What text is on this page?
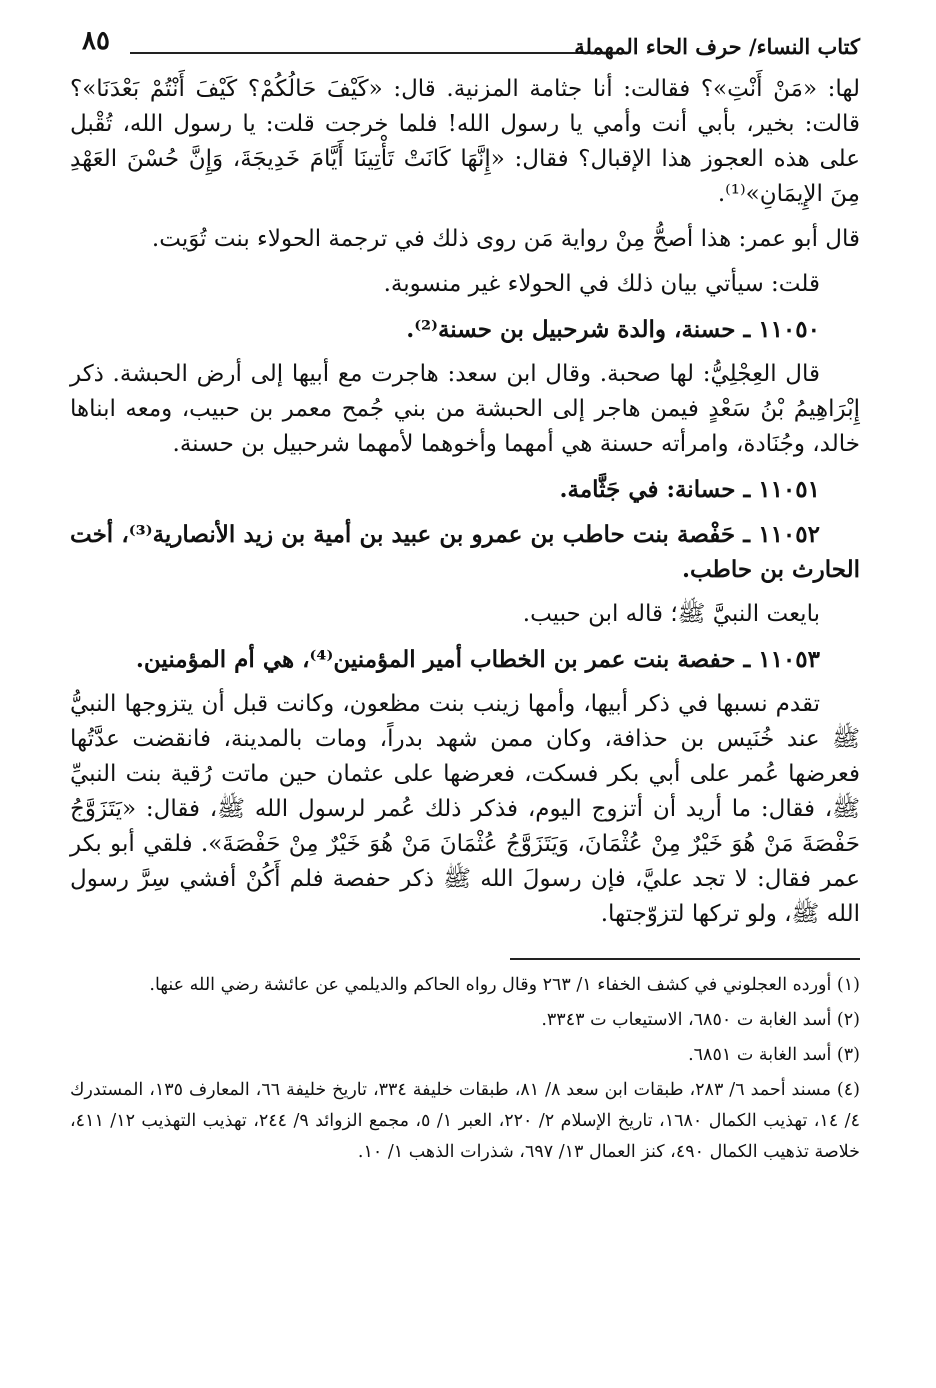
٨٥	كتاب النساء/ حرف الحاء المهملة

لها: «مَنْ أَنْتِ»؟ فقالت: أنا جثامة المزنية. قال: «كَيْفَ حَالُكُمْ؟ كَيْفَ أَنْتُمْ بَعْدَنَا»؟ قالت: بخير، بأبي أنت وأمي يا رسول الله! فلما خرجت قلت: يا رسول الله، تُقْبل على هذه العجوز هذا الإقبال؟ فقال: «إِنَّهَا كَانَتْ تَأْتِينَا أَيَّامَ خَدِيجَةَ، وَإِنَّ حُسْنَ العَهْدِ مِنَ الإِيمَانِ»⁽¹⁾.

قال أبو عمر: هذا أصحُّ مِنْ رواية مَن روى ذلك في ترجمة الحولاء بنت تُوَيت.

قلت: سيأتي بيان ذلك في الحولاء غير منسوبة.

١١٠٥٠ ـ حسنة، والدة شرحبيل بن حسنة⁽²⁾.

قال العِجْلِيُّ: لها صحبة. وقال ابن سعد: هاجرت مع أبيها إلى أرض الحبشة. ذكر إِبْرَاهِيمُ بْنُ سَعْدٍ فيمن هاجر إلى الحبشة من بني جُمح معمر بن حبيب، ومعه ابناها خالد، وجُنَادة، وامرأته حسنة هي أمهما وأخوهما لأمهما شرحبيل بن حسنة.

١١٠٥١ ـ حسانة: في جَثَّامة.

١١٠٥٢ ـ حَفْصة بنت حاطب بن عمرو بن عبيد بن أمية بن زيد الأنصارية⁽³⁾، أخت الحارث بن حاطب.

بايعت النبيَّ ﷺ؛ قاله ابن حبيب.

١١٠٥٣ ـ حفصة بنت عمر بن الخطاب أمير المؤمنين⁽⁴⁾، هي أم المؤمنين.

تقدم نسبها في ذكر أبيها، وأمها زينب بنت مظعون، وكانت قبل أن يتزوجها النبيُّ ﷺ عند خُنَيس بن حذافة، وكان ممن شهد بدراً، ومات بالمدينة، فانقضت عدَّتُها فعرضها عُمر على أبي بكر فسكت، فعرضها على عثمان حين ماتت رُقية بنت النبيِّ ﷺ، فقال: ما أريد أن أتزوج اليوم، فذكر ذلك عُمر لرسول الله ﷺ، فقال: «يَتَزَوَّجُ حَفْصَةَ مَنْ هُوَ خَيْرٌ مِنْ عُثْمَانَ، وَيَتَزَوَّجُ عُثْمَانَ مَنْ هُوَ خَيْرٌ مِنْ حَفْصَةَ». فلقي أبو بكر عمر فقال: لا تجد عليَّ، فإن رسولَ الله ﷺ ذكر حفصة فلم أَكُنْ أفشي سِرَّ رسول الله ﷺ، ولو تركها لتزوّجتها.

(١) أورده العجلوني في كشف الخفاء ١/ ٢٦٣ وقال رواه الحاكم والديلمي عن عائشة رضي الله عنها.

(٢) أسد الغابة ت ٦٨٥٠، الاستيعاب ت ٣٣٤٣.

(٣) أسد الغابة ت ٦٨٥١.

(٤) مسند أحمد ٦/ ٢٨٣، طبقات ابن سعد ٨/ ٨١، طبقات خليفة ٣٣٤، تاريخ خليفة ٦٦، المعارف ١٣٥، المستدرك ٤/ ١٤، تهذيب الكمال ١٦٨٠، تاريخ الإسلام ٢/ ٢٢٠، العبر ١/ ٥، مجمع الزوائد ٩/ ٢٤٤، تهذيب التهذيب ١٢/ ٤١١، خلاصة تذهيب الكمال ٤٩٠، كنز العمال ١٣/ ٦٩٧، شذرات الذهب ١/ ١٠.
